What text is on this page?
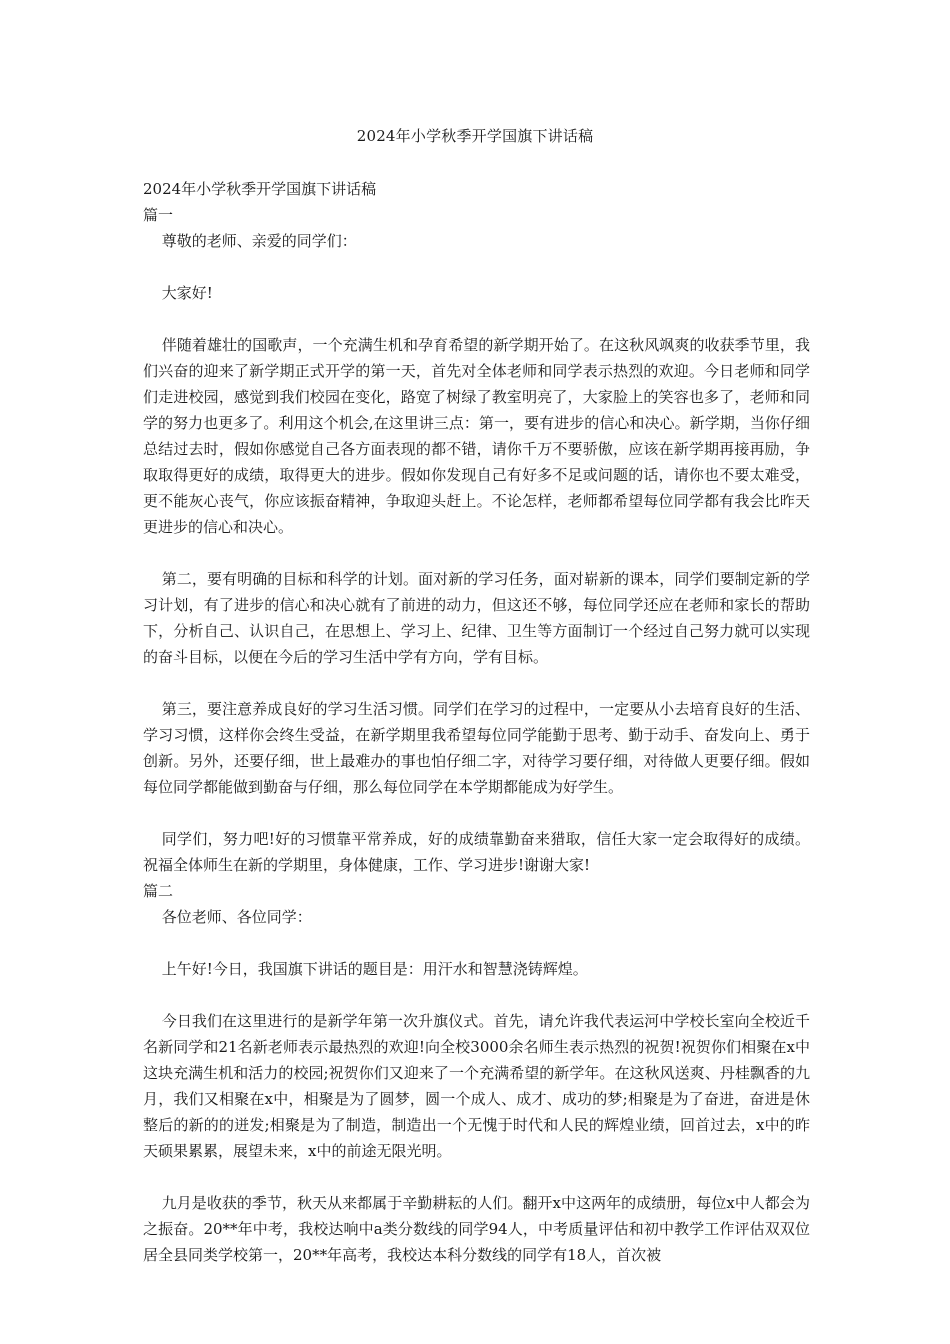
2024年小学秋季开学国旗下讲话稿

2024年小学秋季开学国旗下讲话稿

篇一

尊敬的老师、亲爱的同学们：

大家好!

伴随着雄壮的国歌声，一个充满生机和孕育希望的新学期开始了。在这秋风飒爽的收获季节里，我们兴奋的迎来了新学期正式开学的第一天，首先对全体老师和同学表示热烈的欢迎。今日老师和同学们走进校园，感觉到我们校园在变化，路宽了树绿了教室明亮了，大家脸上的笑容也多了，老师和同学的努力也更多了。利用这个机会,在这里讲三点：第一，要有进步的信心和决心。新学期，当你仔细总结过去时，假如你感觉自己各方面表现的都不错，请你千万不要骄傲，应该在新学期再接再励，争取取得更好的成绩，取得更大的进步。假如你发现自己有好多不足或问题的话，请你也不要太难受，更不能灰心丧气，你应该振奋精神，争取迎头赶上。不论怎样，老师都希望每位同学都有我会比昨天更进步的信心和决心。

第二，要有明确的目标和科学的计划。面对新的学习任务，面对崭新的课本，同学们要制定新的学习计划，有了进步的信心和决心就有了前进的动力，但这还不够，每位同学还应在老师和家长的帮助下，分析自己、认识自己，在思想上、学习上、纪律、卫生等方面制订一个经过自己努力就可以实现的奋斗目标，以便在今后的学习生活中学有方向，学有目标。

第三，要注意养成良好的学习生活习惯。同学们在学习的过程中，一定要从小去培育良好的生活、学习习惯，这样你会终生受益，在新学期里我希望每位同学能勤于思考、勤于动手、奋发向上、勇于创新。另外，还要仔细，世上最难办的事也怕仔细二字，对待学习要仔细，对待做人更要仔细。假如每位同学都能做到勤奋与仔细，那么每位同学在本学期都能成为好学生。

同学们，努力吧!好的习惯靠平常养成，好的成绩靠勤奋来猎取，信任大家一定会取得好的成绩。祝福全体师生在新的学期里，身体健康，工作、学习进步!谢谢大家!

篇二

各位老师、各位同学：

上午好!今日，我国旗下讲话的题目是：用汗水和智慧浇铸辉煌。

今日我们在这里进行的是新学年第一次升旗仪式。首先，请允许我代表运河中学校长室向全校近千名新同学和21名新老师表示最热烈的欢迎!向全校3000余名师生表示热烈的祝贺!祝贺你们相聚在x中这块充满生机和活力的校园;祝贺你们又迎来了一个充满希望的新学年。在这秋风送爽、丹桂飘香的九月，我们又相聚在x中，相聚是为了圆梦，圆一个成人、成才、成功的梦;相聚是为了奋进，奋进是休整后的新的的迸发;相聚是为了制造，制造出一个无愧于时代和人民的辉煌业绩，回首过去，x中的昨天硕果累累，展望未来，x中的前途无限光明。

九月是收获的季节，秋天从来都属于辛勤耕耘的人们。翻开x中这两年的成绩册，每位x中人都会为之振奋。20**年中考，我校达响中a类分数线的同学94人，中考质量评估和初中教学工作评估双双位居全县同类学校第一，20**年高考，我校达本科分数线的同学有18人，首次被
